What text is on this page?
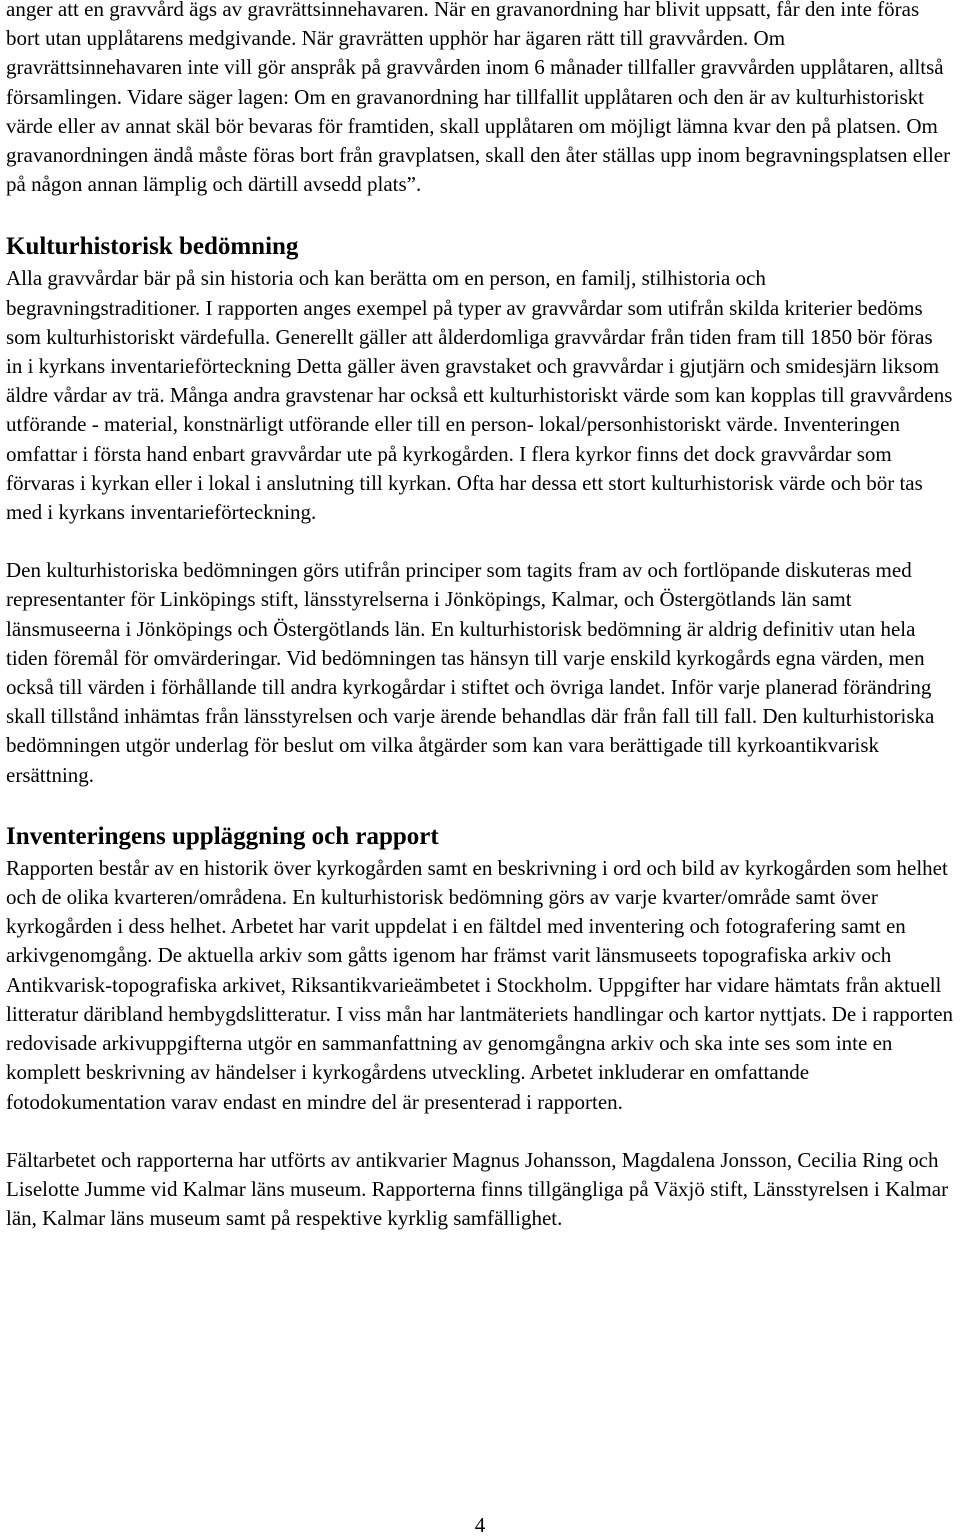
anger att en gravvård ägs av gravrättsinnehavaren. När en gravanordning har blivit uppsatt, får den inte föras bort utan upplåtarens medgivande. När gravrätten upphör har ägaren rätt till gravvården. Om gravrättsinnehavaren inte vill gör anspråk på gravvården inom 6 månader tillfaller gravvården upplåtaren, alltså församlingen. Vidare säger lagen: Om en gravanordning har tillfallit upplåtaren och den är av kulturhistoriskt värde eller av annat skäl bör bevaras för framtiden, skall upplåtaren om möjligt lämna kvar den på platsen. Om gravanordningen ändå måste föras bort från gravplatsen, skall den åter ställas upp inom begravningsplatsen eller på någon annan lämplig och därtill avsedd plats”.

Kulturhistorisk bedömning

Alla gravvårdar bär på sin historia och kan berätta om en person, en familj, stilhistoria och begravningstraditioner. I rapporten anges exempel på typer av gravvårdar som utifrån skilda kriterier bedöms som kulturhistoriskt värdefulla. Generellt gäller att ålderdomliga gravvårdar från tiden fram till 1850 bör föras in i kyrkans inventarieförteckning Detta gäller även gravstaket och gravvårdar i gjutjärn och smidesjärn liksom äldre vårdar av trä. Många andra gravstenar har också ett kulturhistoriskt värde som kan kopplas till gravvårdens utförande - material, konstnärligt utförande eller till en person- lokal/personhistoriskt värde. Inventeringen omfattar i första hand enbart gravvårdar ute på kyrkogården. I flera kyrkor finns det dock gravvårdar som förvaras i kyrkan eller i lokal i anslutning till kyrkan. Ofta har dessa ett stort kulturhistorisk värde och bör tas med i kyrkans inventarieförteckning.

Den kulturhistoriska bedömningen görs utifrån principer som tagits fram av och fortlöpande diskuteras med representanter för Linköpings stift, länsstyrelserna i Jönköpings, Kalmar, och Östergötlands län samt länsmuseerna i Jönköpings och Östergötlands län. En kulturhistorisk bedömning är aldrig definitiv utan hela tiden föremål för omvärderingar. Vid bedömningen tas hänsyn till varje enskild kyrkogårds egna värden, men också till värden i förhållande till andra kyrkogårdar i stiftet och övriga landet. Inför varje planerad förändring skall tillstånd inhämtas från länsstyrelsen och varje ärende behandlas där från fall till fall. Den kulturhistoriska bedömningen utgör underlag för beslut om vilka åtgärder som kan vara berättigade till kyrkoantikvarisk ersättning.

Inventeringens uppläggning och rapport

Rapporten består av en historik över kyrkogården samt en beskrivning i ord och bild av kyrkogården som helhet och de olika kvarteren/områdena. En kulturhistorisk bedömning görs av varje kvarter/område samt över kyrkogården i dess helhet. Arbetet har varit uppdelat i en fältdel med inventering och fotografering samt en arkivgenomgång. De aktuella arkiv som gåtts igenom har främst varit länsmuseets topografiska arkiv och Antikvarisk-topografiska arkivet, Riksantikvarieämbetet i Stockholm. Uppgifter har vidare hämtats från aktuell litteratur däribland hembygdslitteratur. I viss mån har lantmäteriets handlingar och kartor nyttjats. De i rapporten redovisade arkivuppgifterna utgör en sammanfattning av genomgångna arkiv och ska inte ses som inte en komplett beskrivning av händelser i kyrkogårdens utveckling. Arbetet inkluderar en omfattande fotodokumentation varav endast en mindre del är presenterad i rapporten.

Fältarbetet och rapporterna har utförts av antikvarier Magnus Johansson, Magdalena Jonsson, Cecilia Ring och Liselotte Jumme vid Kalmar läns museum. Rapporterna finns tillgängliga på Växjö stift, Länsstyrelsen i Kalmar län, Kalmar läns museum samt på respektive kyrklig samfällighet.

4
